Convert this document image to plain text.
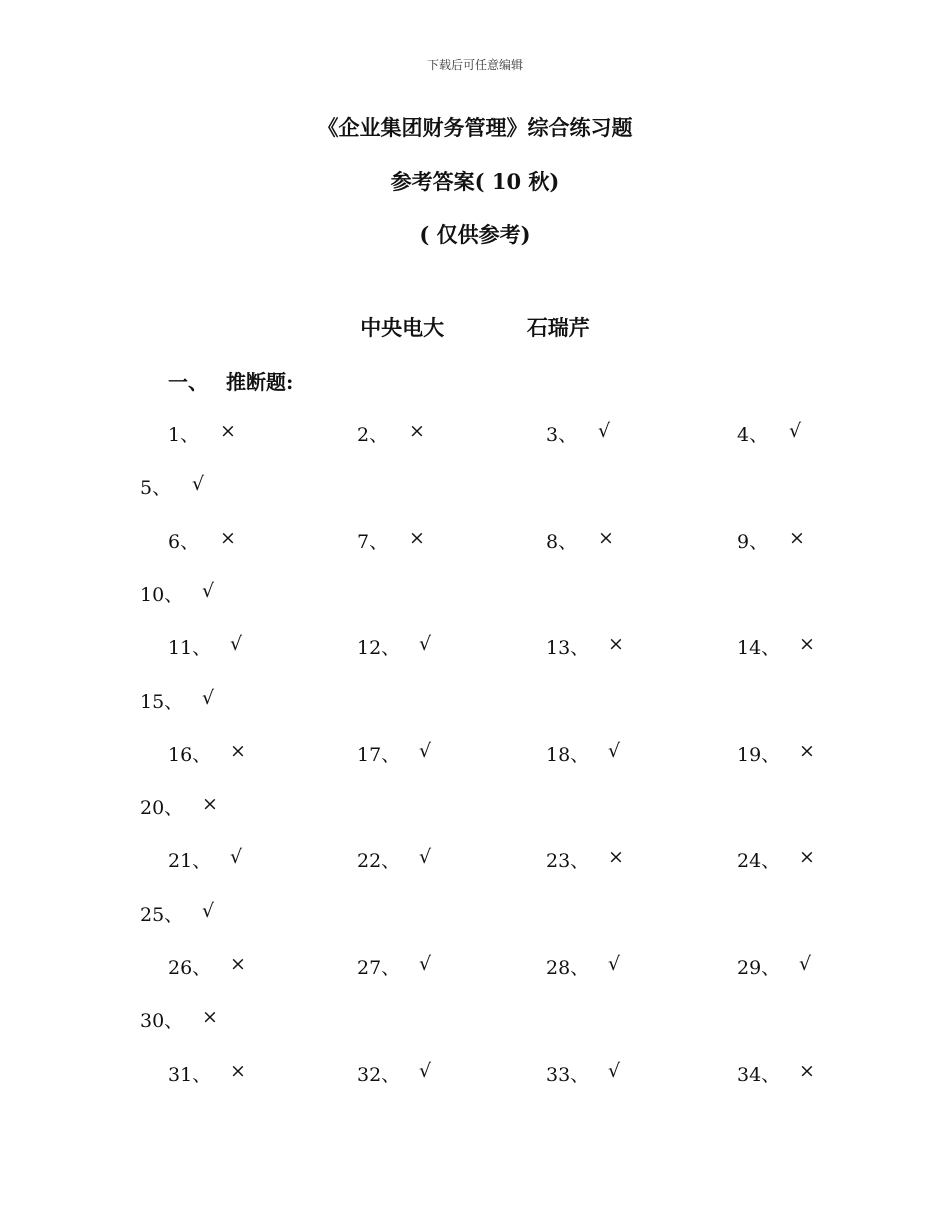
下载后可任意编辑
《企业集团财务管理》综合练习题
参考答案( 10 秋)
( 仅供参考)
中央电大	石瑞芹
一、 推断题:
1、 ×	2、 ×	3、 √	4、 √
5、 √
6、 ×	7、 ×	8、 ×	9、 ×
10、 √
11、 √	12、 √	13、 ×	14、 ×
15、 √
16、 ×	17、 √	18、 √	19、 ×
20、 ×
21、 √	22、 √	23、 ×	24、 ×
25、 √
26、 ×	27、 √	28、 √	29、 √
30、 ×
31、 ×	32、 √	33、 √	34、 ×
